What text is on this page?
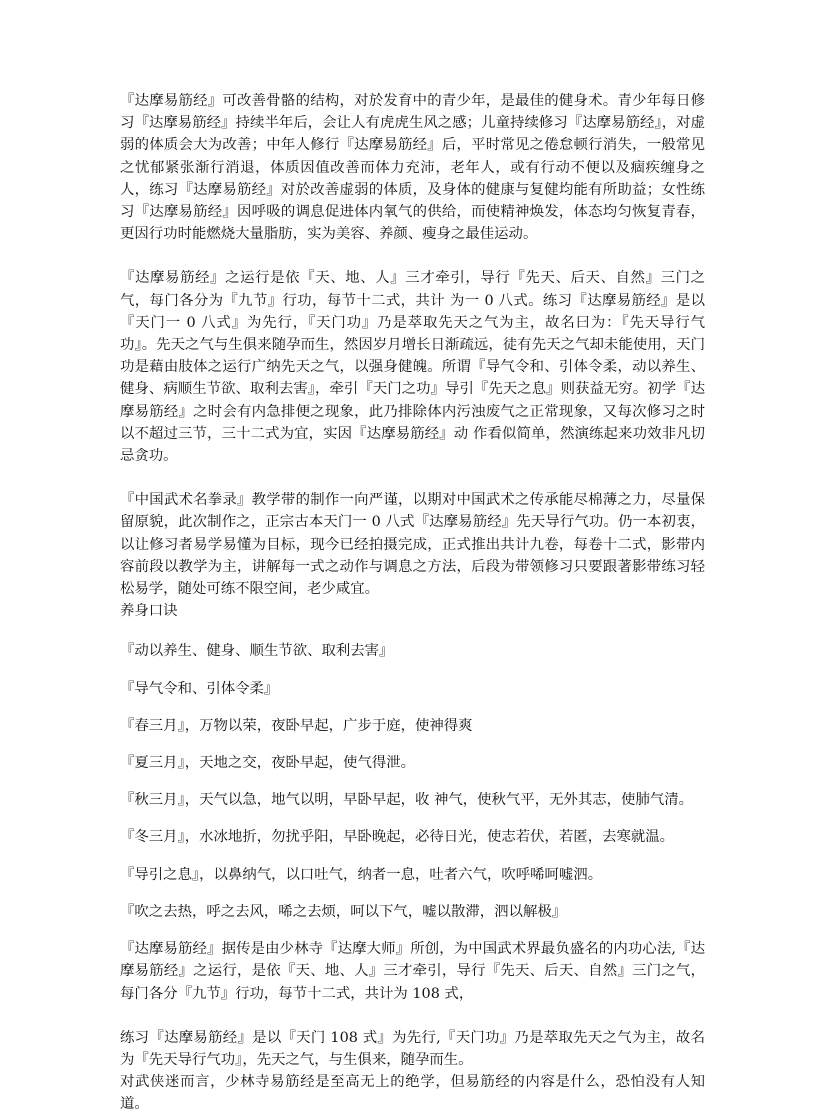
『达摩易筋经』可改善骨骼的结构，对於发育中的青少年，是最佳的健身术。青少年每日修习『达摩易筋经』持续半年后，会让人有虎虎生风之感；儿童持续修习『达摩易筋经』，对虚弱的体质会大为改善；中年人修行『达摩易筋经』后，平时常见之倦怠顿行消失，一般常见之忧郁紧张渐行消退，体质因值改善而体力充沛，老年人，或有行动不便以及痼疾缠身之人，练习『达摩易筋经』对於改善虚弱的体质，及身体的健康与复健均能有所助益；女性练习『达摩易筋经』因呼吸的调息促进体内氧气的供给，而使精神焕发，体态均匀恢复青春，更因行功时能燃烧大量脂肪，实为美容、养颜、瘦身之最佳运动。

『达摩易筋经』之运行是依『天、地、人』三才牵引，导行『先天、后天、自然』三门之气，每门各分为『九节』行功，每节十二式，共计 为一 0 八式。练习『达摩易筋经』是以『天门一 0 八式』为先行，『天门功』乃是萃取先天之气为主，故名曰为：『先天导行气功』。先天之气与生俱来随孕而生，然因岁月增长日渐疏远，徒有先天之气却未能使用，天门功是藉由肢体之运行广纳先天之气，以强身健魄。所谓『导气令和、引体令柔，动以养生、健身、病顺生节欲、取利去害』，牵引『天门之功』导引『先天之息』则获益无穷。初学『达摩易筋经』之时会有内急排便之现象，此乃排除体内污浊废气之正常现象，又每次修习之时以不超过三节，三十二式为宜，实因『达摩易筋经』动 作看似简单，然演练起来功效非凡切忌贪功。

『中国武术名拳录』教学带的制作一向严谨，以期对中国武术之传承能尽棉薄之力，尽量保留原貌，此次制作之，正宗古本天门一 0 八式『达摩易筋经』先天导行气功。仍一本初衷，以让修习者易学易懂为目标，现今已经拍摄完成，正式推出共计九卷，每卷十二式，影带内容前段以教学为主，讲解每一式之动作与调息之方法，后段为带领修习只要跟著影带练习轻松易学，随处可练不限空间，老少咸宜。

养身口诀

『动以养生、健身、顺生节欲、取利去害』

『导气令和、引体令柔』

『春三月』，万物以荣，夜卧早起，广步于庭，使神得爽

『夏三月』，天地之交，夜卧早起，使气得泄。

『秋三月』，天气以急，地气以明，早卧早起，收 神气，使秋气平，无外其志，使肺气清。

『冬三月』，水冰地折，勿扰乎阳，早卧晚起，必待日光，使志若伏，若匿，去寒就温。

『导引之息』，以鼻纳气，以口吐气，纳者一息，吐者六气，吹呼唏呵嘘泗。

『吹之去热，呼之去风，唏之去烦，呵以下气，嘘以散滞，泗以解极』

『达摩易筋经』据传是由少林寺『达摩大师』所创，为中国武术界最负盛名的内功心法,『达摩易筋经』之运行，是依『天、地、人』三才牵引，导行『先天、后天、自然』三门之气，每门各分『九节』行功，每节十二式，共计为 108 式，

练习『达摩易筋经』是以『天门 108 式』为先行,『天门功』乃是萃取先天之气为主，故名为『先天导行气功』，先天之气，与生俱来，随孕而生。

对武侠迷而言，少林寺易筋经是至高无上的绝学，但易筋经的内容是什么，恐怕没有人知道。
